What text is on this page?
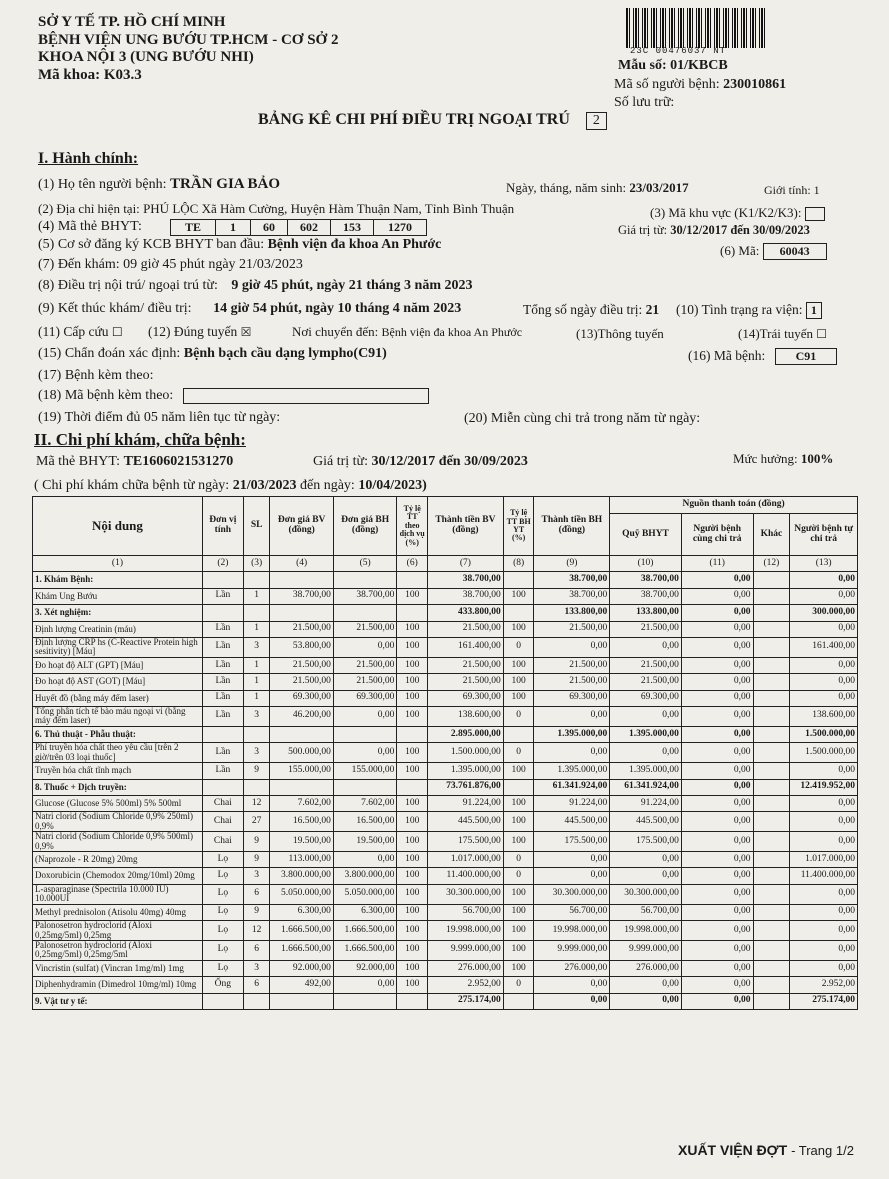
SỞ Y TẾ TP. HỒ CHÍ MINH
BỆNH VIỆN UNG BƯỚU TP.HCM - CƠ SỞ 2
KHOA NỘI 3 (UNG BƯỚU NHI)
Mã khoa: K03.3
23C 00476037 NT
Mẫu số: 01/KBCB
Mã số người bệnh: 230010861
Số lưu trữ:
BẢNG KÊ CHI PHÍ ĐIỀU TRỊ NGOẠI TRÚ 2
I. Hành chính:
(1) Họ tên người bệnh: TRẦN GIA BẢO	Ngày, tháng, năm sinh: 23/03/2017	Giới tính: 1
(2) Địa chỉ hiện tại: PHÚ LỘC Xã Hàm Cường, Huyện Hàm Thuận Nam, Tỉnh Bình Thuận	(3) Mã khu vực (K1/K2/K3):
(4) Mã thẻ BHYT:	TE	1	60	602	153	1270	Giá trị từ: 30/12/2017 đến 30/09/2023
(5) Cơ sở đăng ký KCB BHYT ban đầu: Bệnh viện đa khoa An Phước	(6) Mã: 60043
(7) Đến khám: 09 giờ 45 phút ngày 21/03/2023
(8) Điều trị nội trú/ ngoại trú từ: 9 giờ 45 phút, ngày 21 tháng 3 năm 2023
(9) Kết thúc khám/ điều trị: 14 giờ 54 phút, ngày 10 tháng 4 năm 2023	Tổng số ngày điều trị: 21 (10) Tình trạng ra viện: 1
(11) Cấp cứu ☐ (12) Đúng tuyến ☒	Nơi chuyển đến: Bệnh viện đa khoa An Phước	(13)Thông tuyến	(14)Trái tuyến ☐
(15) Chẩn đoán xác định: Bệnh bạch cầu dạng lympho(C91)	(16) Mã bệnh:	C91
(17) Bệnh kèm theo:
(18) Mã bệnh kèm theo:
(19) Thời điểm đủ 05 năm liên tục từ ngày:	(20) Miễn cùng chi trả trong năm từ ngày:
II. Chi phí khám, chữa bệnh:
Mã thẻ BHYT: TE1606021531270	Giá trị từ: 30/12/2017 đến 30/09/2023	Mức hưởng: 100%
( Chi phí khám chữa bệnh từ ngày: 21/03/2023 đến ngày: 10/04/2023)
Nội dung	Đơn vị tính	SL	Đơn giá BV (đồng)	Đơn giá BH (đồng)	Tỷ lệ TT theo dịch vụ (%)	Thành tiền BV (đồng)	Tỷ lệ TT BH YT (%)	Thành tiền BH (đồng)	Nguồn thanh toán (đồng)			
									Quỹ BHYT	Người bệnh cùng chi trả	Khác	Người bệnh tự chi trả
(1)	(2)	(3)	(4)	(5)	(6)	(7)	(8)	(9)	(10)	(11)	(12)	(13)
1. Khám Bệnh:						38.700,00		38.700,00	38.700,00	0,00		0,00
Khám Ung Bướu	Lần	1	38.700,00	38.700,00	100	38.700,00	100	38.700,00	38.700,00	0,00		0,00
3. Xét nghiệm:						433.800,00		133.800,00	133.800,00	0,00		300.000,00
Định lượng Creatinin (máu)	Lần	1	21.500,00	21.500,00	100	21.500,00	100	21.500,00	21.500,00	0,00		0,00
Định lượng CRP hs (C-Reactive Protein high sesitivity) [Máu]	Lần	3	53.800,00	0,00	100	161.400,00	0	0,00	0,00	0,00		161.400,00
Đo hoạt độ ALT (GPT) [Máu]	Lần	1	21.500,00	21.500,00	100	21.500,00	100	21.500,00	21.500,00	0,00		0,00
Đo hoạt độ AST (GOT) [Máu]	Lần	1	21.500,00	21.500,00	100	21.500,00	100	21.500,00	21.500,00	0,00		0,00
Huyết đồ (bằng máy đếm laser)	Lần	1	69.300,00	69.300,00	100	69.300,00	100	69.300,00	69.300,00	0,00		0,00
Tổng phân tích tế bào máu ngoại vi (bằng máy đếm laser)	Lần	3	46.200,00	0,00	100	138.600,00	0	0,00	0,00	0,00		138.600,00
6. Thủ thuật - Phẫu thuật:						2.895.000,00		1.395.000,00	1.395.000,00	0,00		1.500.000,00
Phí truyền hóa chất theo yêu cầu [trên 2 giờ/trên 03 loại thuốc]	Lần	3	500.000,00	0,00	100	1.500.000,00	0	0,00	0,00	0,00		1.500.000,00
Truyền hóa chất tĩnh mạch	Lần	9	155.000,00	155.000,00	100	1.395.000,00	100	1.395.000,00	1.395.000,00	0,00		0,00
8. Thuốc + Dịch truyền:						73.761.876,00		61.341.924,00	61.341.924,00	0,00		12.419.952,00
Glucose (Glucose 5% 500ml) 5% 500ml	Chai	12	7.602,00	7.602,00	100	91.224,00	100	91.224,00	91.224,00	0,00		0,00
Natri clorid (Sodium Chloride 0,9% 250ml) 0,9%	Chai	27	16.500,00	16.500,00	100	445.500,00	100	445.500,00	445.500,00	0,00		0,00
Natri clorid (Sodium Chloride 0,9% 500ml) 0,9%	Chai	9	19.500,00	19.500,00	100	175.500,00	100	175.500,00	175.500,00	0,00		0,00
(Naprozole - R 20mg) 20mg	Lọ	9	113.000,00	0,00	100	1.017.000,00	0	0,00	0,00	0,00		1.017.000,00
Doxorubicin (Chemodox 20mg/10ml) 20mg	Lọ	3	3.800.000,00	3.800.000,00	100	11.400.000,00	0	0,00	0,00	0,00		11.400.000,00
L-asparaginase (Spectrila 10.000 IU) 10.000UI	Lọ	6	5.050.000,00	5.050.000,00	100	30.300.000,00	100	30.300.000,00	30.300.000,00	0,00		0,00
Methyl prednisolon (Atisolu 40mg) 40mg	Lọ	9	6.300,00	6.300,00	100	56.700,00	100	56.700,00	56.700,00	0,00		0,00
Palonosetron hydroclorid (Aloxi 0,25mg/5ml) 0,25mg	Lọ	12	1.666.500,00	1.666.500,00	100	19.998.000,00	100	19.998.000,00	19.998.000,00	0,00		0,00
Palonosetron hydroclorid (Aloxi 0,25mg/5ml) 0,25mg/5ml	Lọ	6	1.666.500,00	1.666.500,00	100	9.999.000,00	100	9.999.000,00	9.999.000,00	0,00		0,00
Vincristin (sulfat) (Vincran 1mg/ml) 1mg	Lọ	3	92.000,00	92.000,00	100	276.000,00	100	276.000,00	276.000,00	0,00		0,00
Diphenhydramin (Dimedrol 10mg/ml) 10mg	Ống	6	492,00	0,00	100	2.952,00	0	0,00	0,00	0,00		2.952,00
9. Vật tư y tế:						275.174,00		0,00	0,00	0,00		275.174,00
XUẤT VIỆN ĐỢT - Trang 1/2
